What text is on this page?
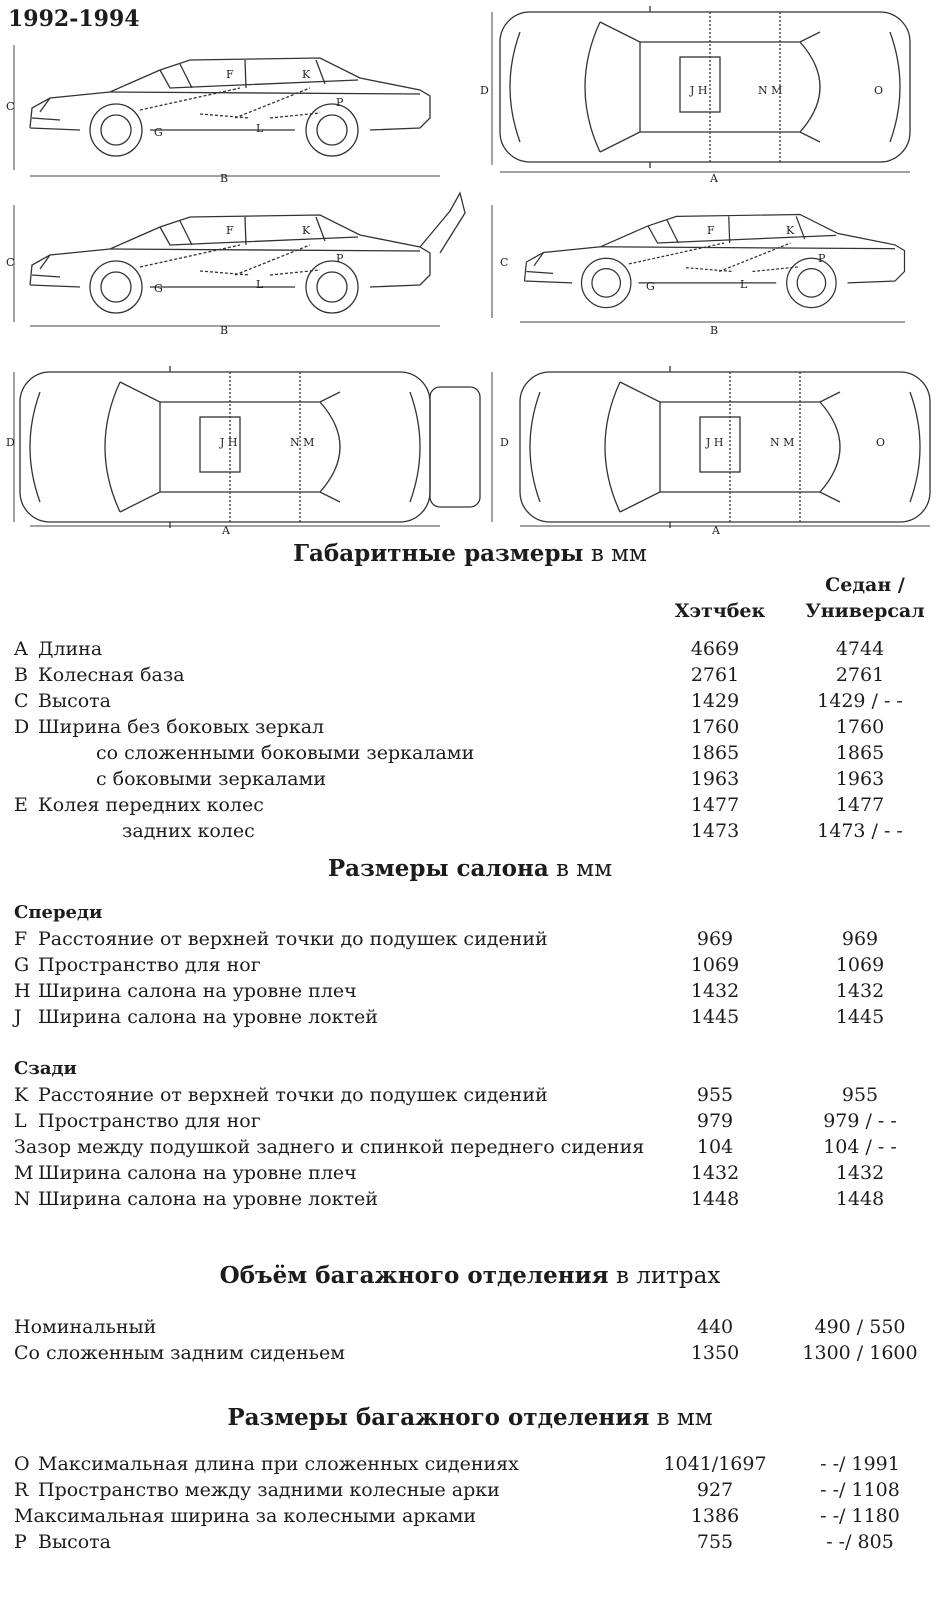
1992-1994
C
B
F	K
P
G	L
D
A
J H	N M	O
C
B
F	K
P
G	L
C
B
F	K
P
G	L
D
A
J H	N M	D
A
J H	N M	O
Габаритные размеры в мм
Седан /
Хэтчбек	Универсал
Размеры салона в мм
Спереди
Сзади
Объём багажного отделения в литрах
Размеры багажного отделения в мм
A Длина	4669	4744
B Колесная база	2761	2761
C Высота	1429	1429 / - -
D Ширина без боковых зеркал	1760	1760
со сложенными боковыми зеркалами	1865	1865
с боковыми зеркалами	1963	1963
E Колея передних колес	1477	1477
задних колес	1473	1473 / - -
F Расстояние от верхней точки до подушек сидений	969	969
G Пространство для ног	1069	1069
H Ширина салона на уровне плеч	1432	1432
J Ширина салона на уровне локтей	1445	1445
K Расстояние от верхней точки до подушек сидений	955	955
L Пространство для ног	979	979 / - -
Зазор между подушкой заднего и спинкой переднего сидения	104	104 / - -
M Ширина салона на уровне плеч	1432	1432
N Ширина салона на уровне локтей	1448	1448
Номинальный	440	490 / 550
Со сложенным задним сиденьем	1350	1300 / 1600
O Максимальная длина при сложенных сидениях	1041/1697	- -/ 1991
R Пространство между задними колесные арки	927	- -/ 1108
Максимальная ширина за колесными арками	1386	- -/ 1180
P Высота	755	- -/ 805
